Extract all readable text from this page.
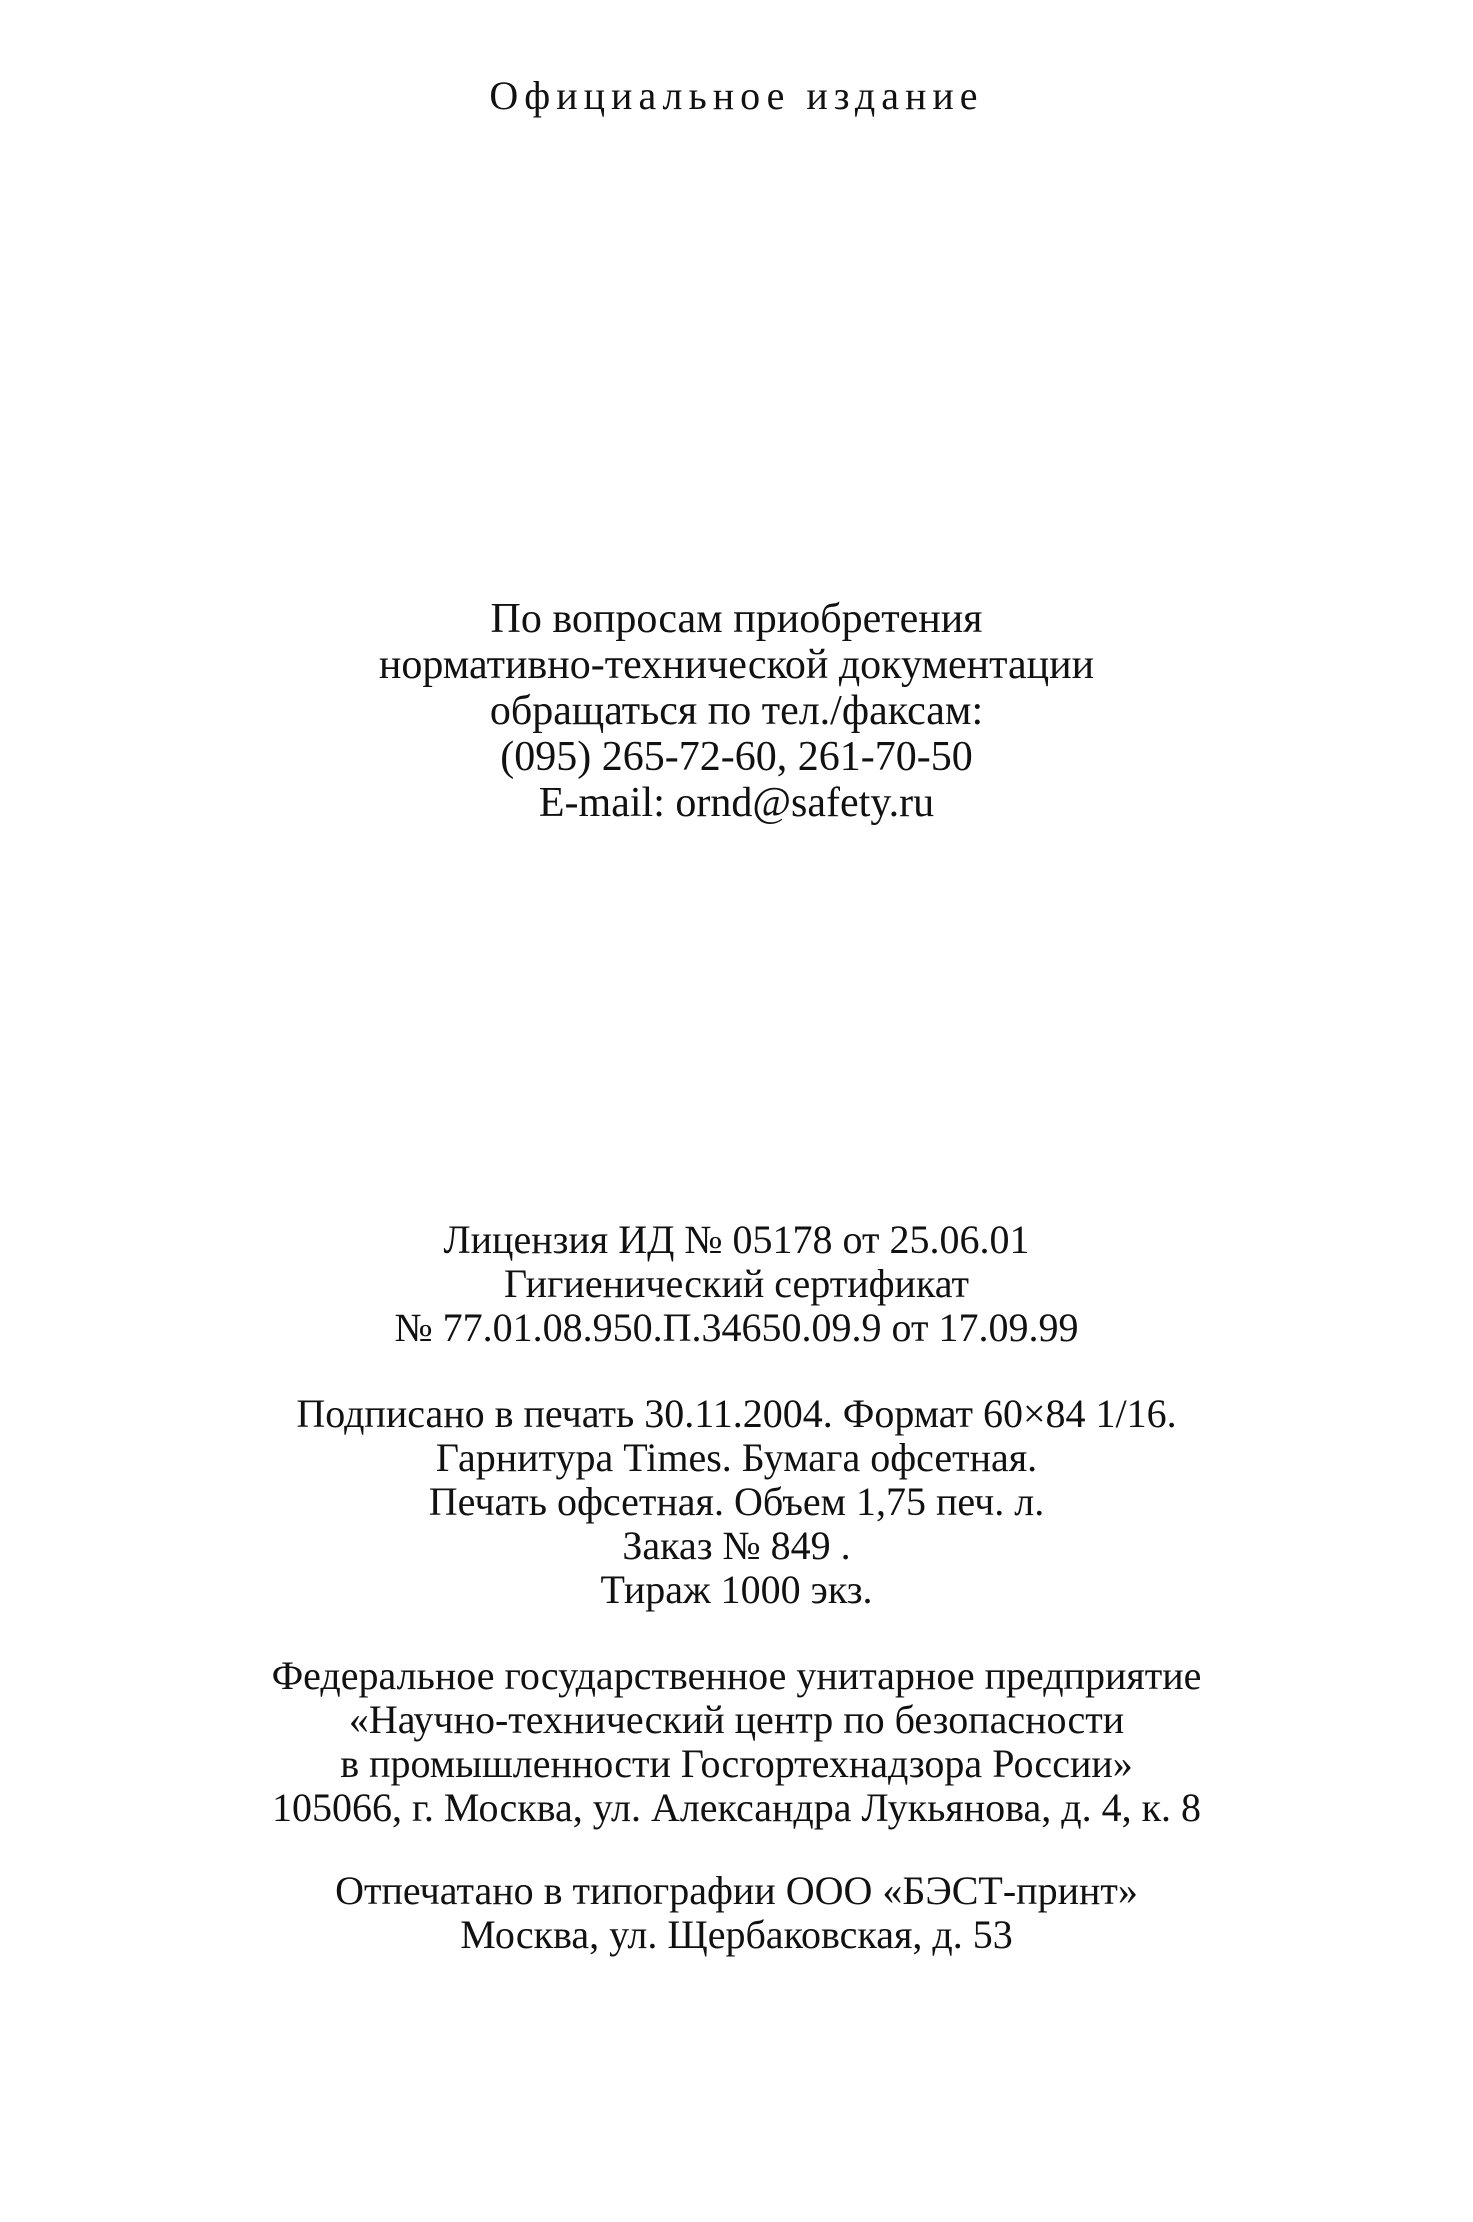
Официальное издание
По вопросам приобретения
нормативно-технической документации
обращаться по тел./факсам:
(095) 265-72-60, 261-70-50
E-mail: ornd@safety.ru
Лицензия ИД № 05178 от 25.06.01
Гигиенический сертификат
№ 77.01.08.950.П.34650.09.9 от 17.09.99
Подписано в печать 30.11.2004. Формат 60×84 1/16.
Гарнитура Times. Бумага офсетная.
Печать офсетная. Объем 1,75 печ. л.
Заказ № 849 .
Тираж 1000 экз.
Федеральное государственное унитарное предприятие
«Научно-технический центр по безопасности
в промышленности Госгортехнадзора России»
105066, г. Москва, ул. Александра Лукьянова, д. 4, к. 8
Отпечатано в типографии ООО «БЭСТ-принт»
Москва, ул. Щербаковская, д. 53
